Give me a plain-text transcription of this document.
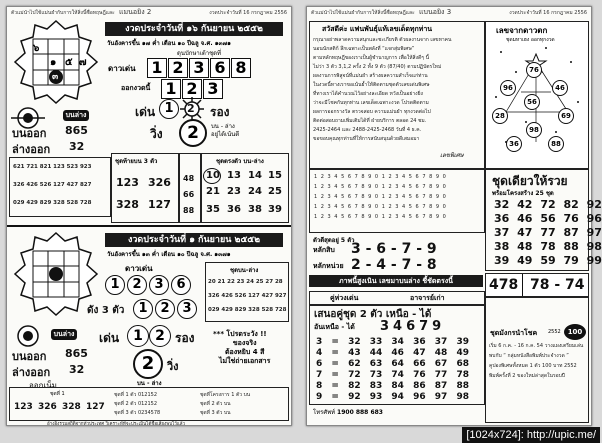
ตัวแม่นำไปใช้แม่นยำกับการให้สิ่งนี้ซื่อทฤษฎีและ แมนอยิง 2	งวดประจำวันที่ 16 กรกฎาคม 2556
๖
๑ ๕ ๗
๓
งวดประจำวันที่ ๑๖ กันยายน ๒๕๕๒
วันอังคารขึ้น ๑๗ ค่ำ เดือน ๑๐ ปีฉลู จ.ศ. ๑๓๗๑
ดุนบักษาเต้าชุดที่
ดาวเด่น 1 2 3 6 8
ออกงวดนี้ 1 2 3
เด่น 1	2 รอง
วิ่ง	2	บน - ล่าง
อยู่ได้เน้นตี
บนล่าง
บนออก 865
ล่างออก 32
621 721 821 123 523 923
326 426 526 127 427 827
029 429 829 328 528 728
ชุดท้ายบน 3 ตัว
123 326
328 127
48
66
88
ชุดตรงตัว บน-ล่าง
10 13 14 15
21 23 24 25
35 36 38 39
งวดประจำวันที่ ๑ กันยายน ๒๕๕๒
วันอังคารขึ้น ๑๓ ค่ำ เดือน ๑๐ ปีฉลู จ.ศ. ๑๓๗๑
ดาวเด่น
1 2 3 6
ดัง 3 ตัว	1 2 3
ชุดบน-ล่าง
20 21 22 23 24 25 27 28
326 426 526 127 427 927
029 429 829 328 528 728
เด่น	1 2 รอง
2	วิ่ง
บน - ล่าง
*** โปรดระวัง !!
ของจริง
ต้องหยิบ 4 สี
ไม่ใช่ถ่ายเอกสาร
บนล่าง
บนออก 865
ล่างออก 32
ออกเน็ม
ชุดที่ 1
123 326 328 127
ชุดที่ 1 ตัว 012152
ชุดที่ 2 ตัว 012152
ชุดที่ 3 ตัว 0234578
ชุดที่โครงการ 1 ตัว บน
ชุดที่ 2 ตัว บน
ชุดที่ 3 ตัว บน
อ้างอิงรวมสถิติจากทั่วประเทศ วิเคราะห์ที่จะประเมินได้ชื่อเสียงพบไว้แล้ว
ตัวแม่นำไปใช้แม่นยำกับการให้สิ่งนี้ซื่อทฤษฎีและ แบนอยิง 3	งวดประจำวันที่ 16 กรกฎาคม 2556
สวัสดีค่ะ แฟนพันธุ์แท้เลขเด็ดทุกท่าน
กรุณาอย่าพลาดความสนุกและชะเกียรติ ตัวผลงานจาก เลขหาคน
นอนนักสติก้ ลึกเฉพาะเป็นพลังที่ “แจกสุ่มพิเศษ”
ตามหลักทฤษฎีของเราเป็นผู้ชำนาญการ เพื่อให้สิ่งดีๆ นี้
ไม่ว่า 3 ตัว 3,1,2 ครั้ง 2 ทั้ง 9 ตัว (87/40) ตามปฏิบัตรใหม่
ผลงานการพิสูจน์ที่แม่นยำ สร้างผลความสำเร็จแก่ท่าน
ในงวดนี้ทางเราขอเน้นย้ำให้ติดตามชุดตัวเลขเด่นพิเศษ
ที่ทางเราได้คำนวณไว้อย่างละเอียด หวังเป็นอย่างยิ่ง
ว่าจะมีโชคกันทุกท่าน เลขเด็ดเฉพาะงวด โปรดติดตาม
ผลการออกรางวัล ตรวจสอบ ความแม่นยำ ทุกงวดต่อไป
ติดต่อสอบถามเพิ่มเติมได้ที่ ฝ่ายบริการ ตลอด 24 ชม.
2425-2464 และ 2488-2425-2468 วันที่ 4 ธ.ค.
ขอขอบคุณทุกท่านที่ให้การสนับสนุนด้วยดีเสมอมา
เลขพิเศษ
เลขจากดาวตก
ชุดมหาเฮง ออกทุกงวด
76
96	46
56
28	69
98
36	88
1 2 3 4 5 6 7 8 9 0 1 2 3 4 5 6 7 8 9 0
1 2 3 4 5 6 7 8 9 0 1 2 3 4 5 6 7 8 9 0
1 2 3 4 5 6 7 8 9 0 1 2 3 4 5 6 7 8 9 0
1 2 3 4 5 6 7 8 9 0 1 2 3 4 5 6 7 8 9 0
1 2 3 4 5 6 7 8 9 0 1 2 3 4 5 6 7 8 9 0
ชุดเดียวให้รวย
พร้อมโครงสร้าง 25 ชุด
32 42 72 82 92
36 46 56 76 96
37 47 77 87 97
38 48 78 88 98
39 49 59 79 99
ตัวดีสุดอยู่ 5 ตัว
หลักสิบ 3 - 6 - 7 - 9
หลักหน่วย 2 - 4 - 7 - 8
ภาพนี้สูงเนิน เลขมาบนล่าง ชี้ชัดตรงนี้	478 78 - 74
คู่ห่วงเด่น	อาจารย์เก่า
เสนอคู่ชุด 2 ตัว เหนือ - ได้
อันเหนือ - ได้ 34679
3 = 32 33 34 36 37 39
4 = 43 44 46 47 48 49
6 = 62 63 64 66 67 68
7 = 72 73 74 76 77 78
8 = 82 83 84 86 87 88
9 = 92 93 94 96 97 98
โทรศัพท์ 1900 888 683
ชุดมังกรนำโชค 2552 100
เริ่ม 6 ก.ค. - 16 ก.ค. 54 วางแผงเตรียมเล่น
พบกับ “ กลุ่มหนังสือพิมพ์ประจำงวด ”
คูปองพิเศษทั้งหมด 1 ตัว 100 บาท 2552
พิมพ์ครั้งที่ 2 ของใหม่ล่าสุดในรอบปี
[1024x724]: http://upic.me/
